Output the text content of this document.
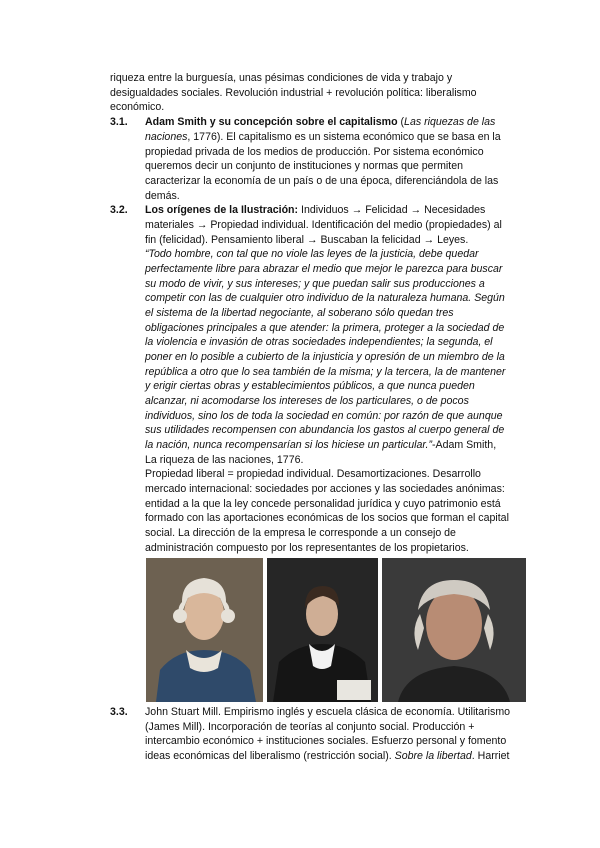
riqueza entre la burguesía, unas pésimas condiciones de vida y trabajo y
desigualdades sociales. Revolución industrial + revolución política: liberalismo
económico.
3.1. Adam Smith y su concepción sobre el capitalismo (Las riquezas de las
naciones, 1776). El capitalismo es un sistema económico que se basa en la
propiedad privada de los medios de producción. Por sistema económico
queremos decir un conjunto de instituciones y normas que permiten
caracterizar la economía de un país o de una época, diferenciándola de las
demás.
3.2. Los orígenes de la Ilustración: Individuos → Felicidad → Necesidades
materiales → Propiedad individual. Identificación del medio (propiedades) al
fin (felicidad). Pensamiento liberal → Buscaban la felicidad → Leyes.
“Todo hombre, con tal que no viole las leyes de la justicia, debe quedar
perfectamente libre para abrazar el medio que mejor le parezca para buscar
su modo de vivir, y sus intereses; y que puedan salir sus producciones a
competir con las de cualquier otro individuo de la naturaleza humana. Según
el sistema de la libertad negociante, al soberano sólo quedan tres
obligaciones principales a que atender: la primera, proteger a la sociedad de
la violencia e invasión de otras sociedades independientes; la segunda, el
poner en lo posible a cubierto de la injusticia y opresión de un miembro de la
república a otro que lo sea también de la misma; y la tercera, la de mantener
y erigir ciertas obras y establecimientos públicos, a que nunca pueden
alcanzar, ni acomodarse los intereses de los particulares, o de pocos
individuos, sino los de toda la sociedad en común: por razón de que aunque
sus utilidades recompensen con abundancia los gastos al cuerpo general de
la nación, nunca recompensarían si los hiciese un particular.”-Adam Smith,
La riqueza de las naciones, 1776.
Propiedad liberal = propiedad individual. Desamortizaciones. Desarrollo
mercado internacional: sociedades por acciones y las sociedades anónimas:
entidad a la que la ley concede personalidad jurídica y cuyo patrimonio está
formado con las aportaciones económicas de los socios que forman el capital
social. La dirección de la empresa le corresponde a un consejo de
administración compuesto por los representantes de los propietarios.
3.3. John Stuart Mill. Empirismo inglés y escuela clásica de economía. Utilitarismo
(James Mill). Incorporación de teorías al conjunto social. Producción +
intercambio económico + instituciones sociales. Esfuerzo personal y fomento
ideas económicas del liberalismo (restricción social). Sobre la libertad. Harriet
